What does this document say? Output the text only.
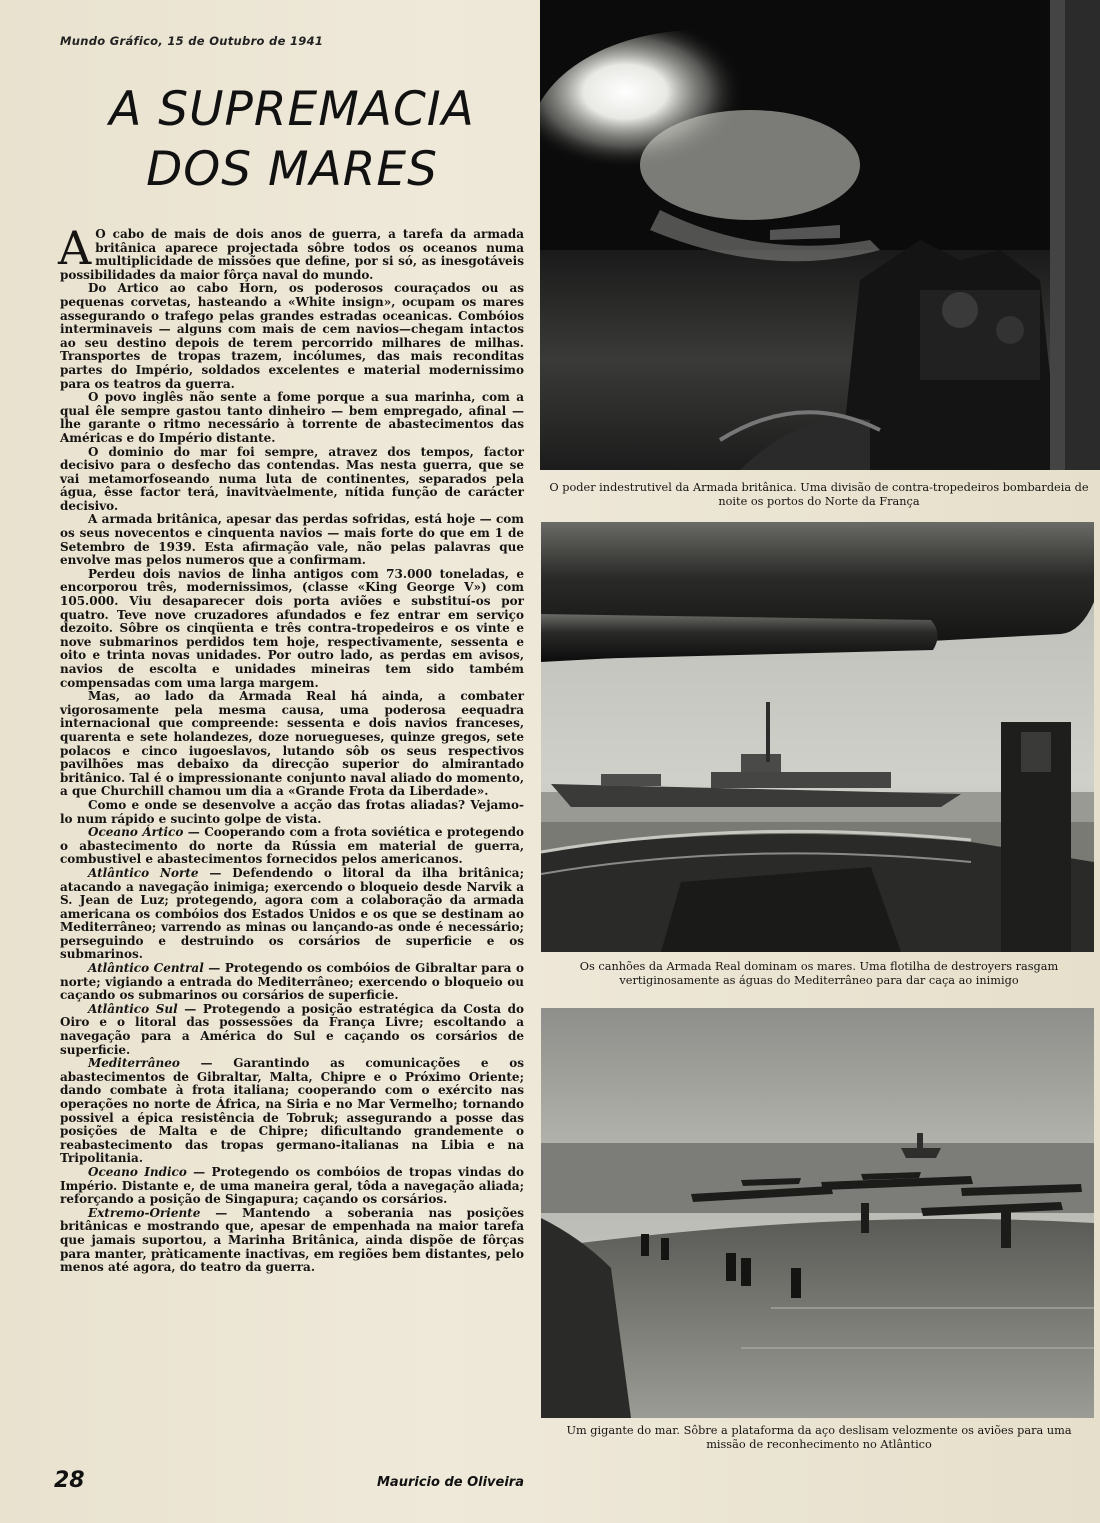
Mundo Gráfico, 15 de Outubro de 1941
A SUPREMACIA
DOS MARES

A O cabo de mais de dois anos de guerra, a tarefa da armada britânica aparece projectada sôbre todos os oceanos numa multiplicidade de missões que define, por si só, as inesgotáveis possibilidades da maior fôrça naval do mundo.

Do Artico ao cabo Horn, os poderosos couraçados ou as pequenas corvetas, hasteando a «White insign», ocupam os mares assegurando o trafego pelas grandes estradas oceanicas. Combóios interminaveis — alguns com mais de cem navios—chegam intactos ao seu destino depois de terem percorrido milhares de milhas. Transportes de tropas trazem, incólumes, das mais reconditas partes do Império, soldados excelentes e material modernissimo para os teatros da guerra.

O povo inglês não sente a fome porque a sua marinha, com a qual êle sempre gastou tanto dinheiro — bem empregado, afinal — lhe garante o ritmo necessário à torrente de abastecimentos das Américas e do Império distante.

O dominio do mar foi sempre, atravez dos tempos, factor decisivo para o desfecho das contendas. Mas nesta guerra, que se vai metamorfoseando numa luta de continentes, separados pela água, êsse factor terá, inavitvàelmente, nítida função de carácter decisivo.

A armada britânica, apesar das perdas sofridas, está hoje — com os seus novecentos e cinquenta navios — mais forte do que em 1 de Setembro de 1939. Esta afirmação vale, não pelas palavras que envolve mas pelos numeros que a confirmam.

Perdeu dois navios de linha antigos com 73.000 toneladas, e encorporou três, modernissimos, (classe «King George V») com 105.000. Viu desaparecer dois porta aviões e substituí-os por quatro. Teve nove cruzadores afundados e fez entrar em serviço dezoito. Sôbre os cinqüenta e três contra-tropedeiros e os vinte e nove submarinos perdidos tem hoje, respectivamente, sessenta e oito e trinta novas unidades. Por outro lado, as perdas em avisos, navios de escolta e unidades mineiras tem sido também compensadas com uma larga margem.

Mas, ao lado da Armada Real há ainda, a combater vigorosamente pela mesma causa, uma poderosa eequadra internacional que compreende: sessenta e dois navios franceses, quarenta e sete holandezes, doze noruegueses, quinze gregos, sete polacos e cinco iugoeslavos, lutando sôb os seus respectivos pavilhões mas debaixo da direcção superior do almirantado britânico. Tal é o impressionante conjunto naval aliado do momento, a que Churchill chamou um dia a «Grande Frota da Liberdade».

Como e onde se desenvolve a acção das frotas aliadas? Vejamo-lo num rápido e sucinto golpe de vista.

Oceano Ártico — Cooperando com a frota soviética e protegendo o abastecimento do norte da Rússia em material de guerra, combustivel e abastecimentos fornecidos pelos americanos.

Atlântico Norte — Defendendo o litoral da ilha britânica; atacando a navegação inimiga; exercendo o bloqueio desde Narvik a S. Jean de Luz; protegendo, agora com a colaboração da armada americana os combóios dos Estados Unidos e os que se destinam ao Mediterrâneo; varrendo as minas ou lançando-as onde é necessário; perseguindo e destruindo os corsários de superficie e os submarinos.

Atlântico Central — Protegendo os combóios de Gibraltar para o norte; vigiando a entrada do Mediterrâneo; exercendo o bloqueio ou caçando os submarinos ou corsários de superficie.

Atlântico Sul — Protegendo a posição estratégica da Costa do Oiro e o litoral das possessões da França Livre; escoltando a navegação para a América do Sul e caçando os corsários de superficie.

Mediterrâneo — Garantindo as comunicações e os abastecimentos de Gibraltar, Malta, Chipre e o Próximo Oriente; dando combate à frota italiana; cooperando com o exército nas operações no norte de África, na Siria e no Mar Vermelho; tornando possivel a épica resistência de Tobruk; assegurando a posse das posições de Malta e de Chipre; dificultando grandemente o reabastecimento das tropas germano-italianas na Libia e na Tripolitania.

Oceano Indico — Protegendo os combóios de tropas vindas do Império. Distante e, de uma maneira geral, tôda a navegação aliada; reforçando a posição de Singapura; caçando os corsários.

Extremo-Oriente — Mantendo a soberania nas posições britânicas e mostrando que, apesar de empenhada na maior tarefa que jamais suportou, a Marinha Britânica, ainda dispõe de fôrças para manter, pràticamente inactivas, em regiões bem distantes, pelo menos até agora, do teatro da guerra.

28	Mauricio de Oliveira
O poder indestrutivel da Armada britânica. Uma divisão de contra-tropedeiros bombardeia de noite os portos do Norte da França
Os canhões da Armada Real dominam os mares. Uma flotilha de destroyers rasgam vertiginosamente as águas do Mediterrâneo para dar caça ao inimigo
Um gigante do mar. Sôbre a plataforma da aço deslisam velozmente os aviões para uma missão de reconhecimento no Atlântico
